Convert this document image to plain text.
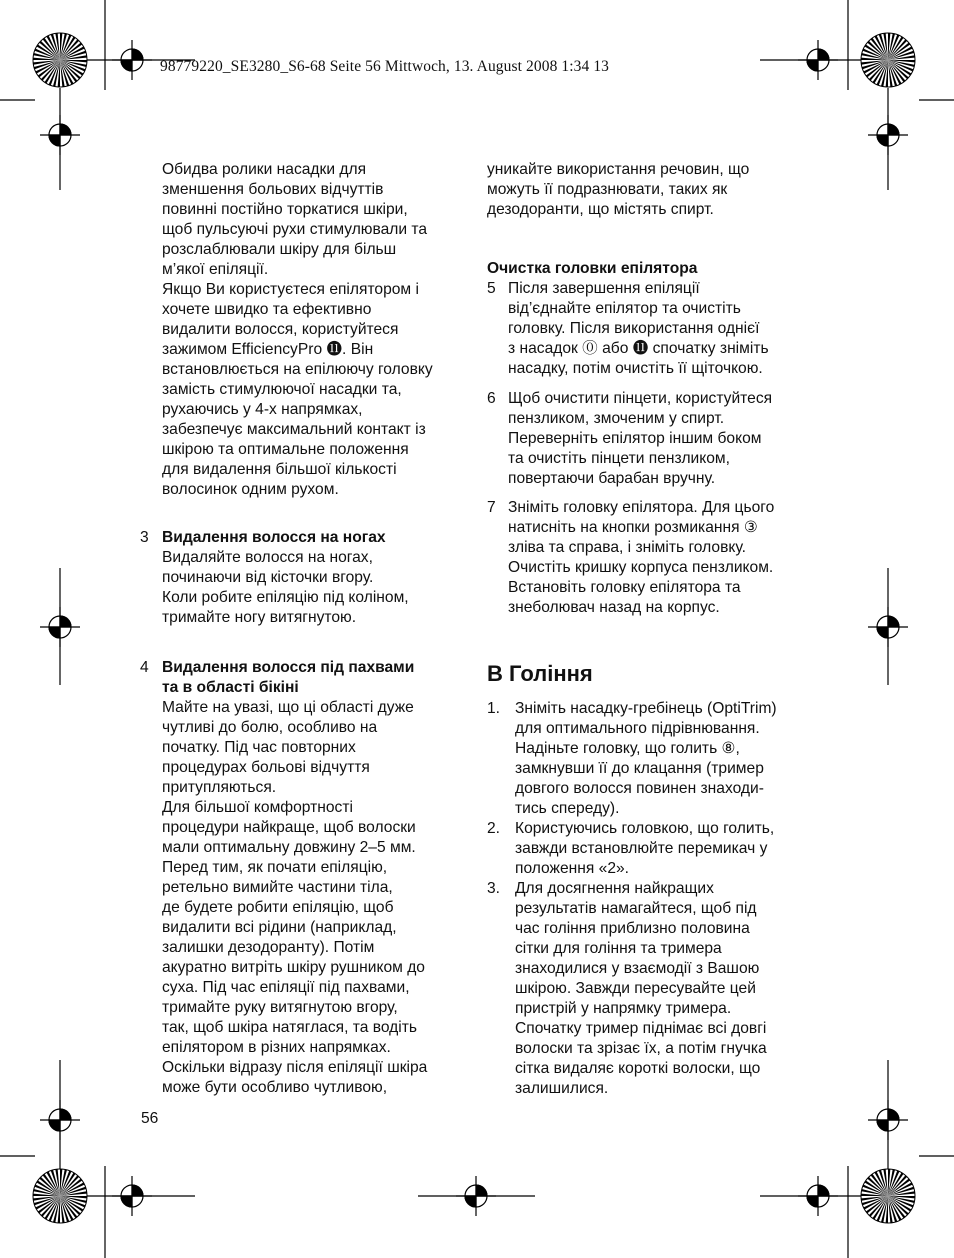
98779220_SE3280_S6-68 Seite 56 Mittwoch, 13. August 2008 1:34 13

Обидва ролики насадки для

зменшення больових відчуттів

повинні постійно торкатися шкіри,

щоб пульсуючі рухи стимулювали та

розслаблювали шкіру для більш

м’якої епіляції.

Якщо Ви користуєтеся епілятором і

хочете швидко та ефективно

видалити волосся, користуйтеся

зажимом EfficiencyPro ⓫. Він

встановлюється на епілюючу головку

замість стимулюючої насадки та,

рухаючись у 4-х напрямках,

забезпечує максимальний контакт із

шкірою та оптимальне положення

для видалення більшої кількості

волосинок одним рухом.

3 Видалення волосся на ногах

Видаляйте волосся на ногах,

починаючи від кісточки вгору.

Коли робите епіляцію під коліном,

тримайте ногу витягнутою.

4 Видалення волосся під пахвами

та в області бікіні

Майте на увазі, що ці області дуже

чутливі до болю, особливо на

початку. Під час повторних

процедурах больові відчуття

притупляються.

Для більшої комфортності

процедури найкраще, щоб волоски

мали оптимальну довжину 2–5 мм.

Перед тим, як почати епіляцію,

ретельно вимийте частини тіла,

де будете робити епіляцію, щоб

видалити всі рідини (наприклад,

залишки дезодоранту). Потім

акуратно витріть шкіру рушником до

суха. Під час епіляції під пахвами,

тримайте руку витягнутою вгору,

так, щоб шкіра натяглася, та водіть

епілятором в різних напрямках.

Оскільки відразу після епіляції шкіра

може бути особливо чутливою,

уникайте використання речовин, що

можуть її подразнювати, таких як

дезодоранти, що містять спирт.

Очистка головки епілятора

5 Після завершення епіляції

від’єднайте епілятор та очистіть

головку. Після використання однієї

з насадок ⓪ або ⓫ спочатку зніміть

насадку, потім очистіть її щіточкою.

6 Щоб очистити пінцети, користуйтеся

пензликом, змоченим у спирт.

Переверніть епілятор іншим боком

та очистіть пінцети пензликом,

повертаючи барабан вручну.

7 Зніміть головку епілятора. Для цього

натисніть на кнопки розмикання ③

зліва та справа, і зніміть головку.

Очистіть кришку корпуса пензликом.

Встановіть головку епілятора та

знеболювач назад на корпус.

B Гоління
1. Зніміть насадку-гребінець (OptiTrim)

для оптимального підрівнювання.

Надіньте головку, що голить ⑧,

замкнувши її до клацання (тример

довгого волосся повинен знаходи-

тись спереду).

2. Користуючись головкою, що голить,

завжди встановлюйте перемикач у

положення «2».

3. Для досягнення найкращих

результатів намагайтеся, щоб під

час гоління приблизно половина

сітки для гоління та тримера

знаходилися у взаємодії з Вашою

шкірою. Завжди пересувайте цей

пристрій у напрямку тримера.

Спочатку тример піднімає всі довгі

волоски та зрізає їх, а потім гнучка

сітка видаляє короткі волоски, що

залишилися.

56
